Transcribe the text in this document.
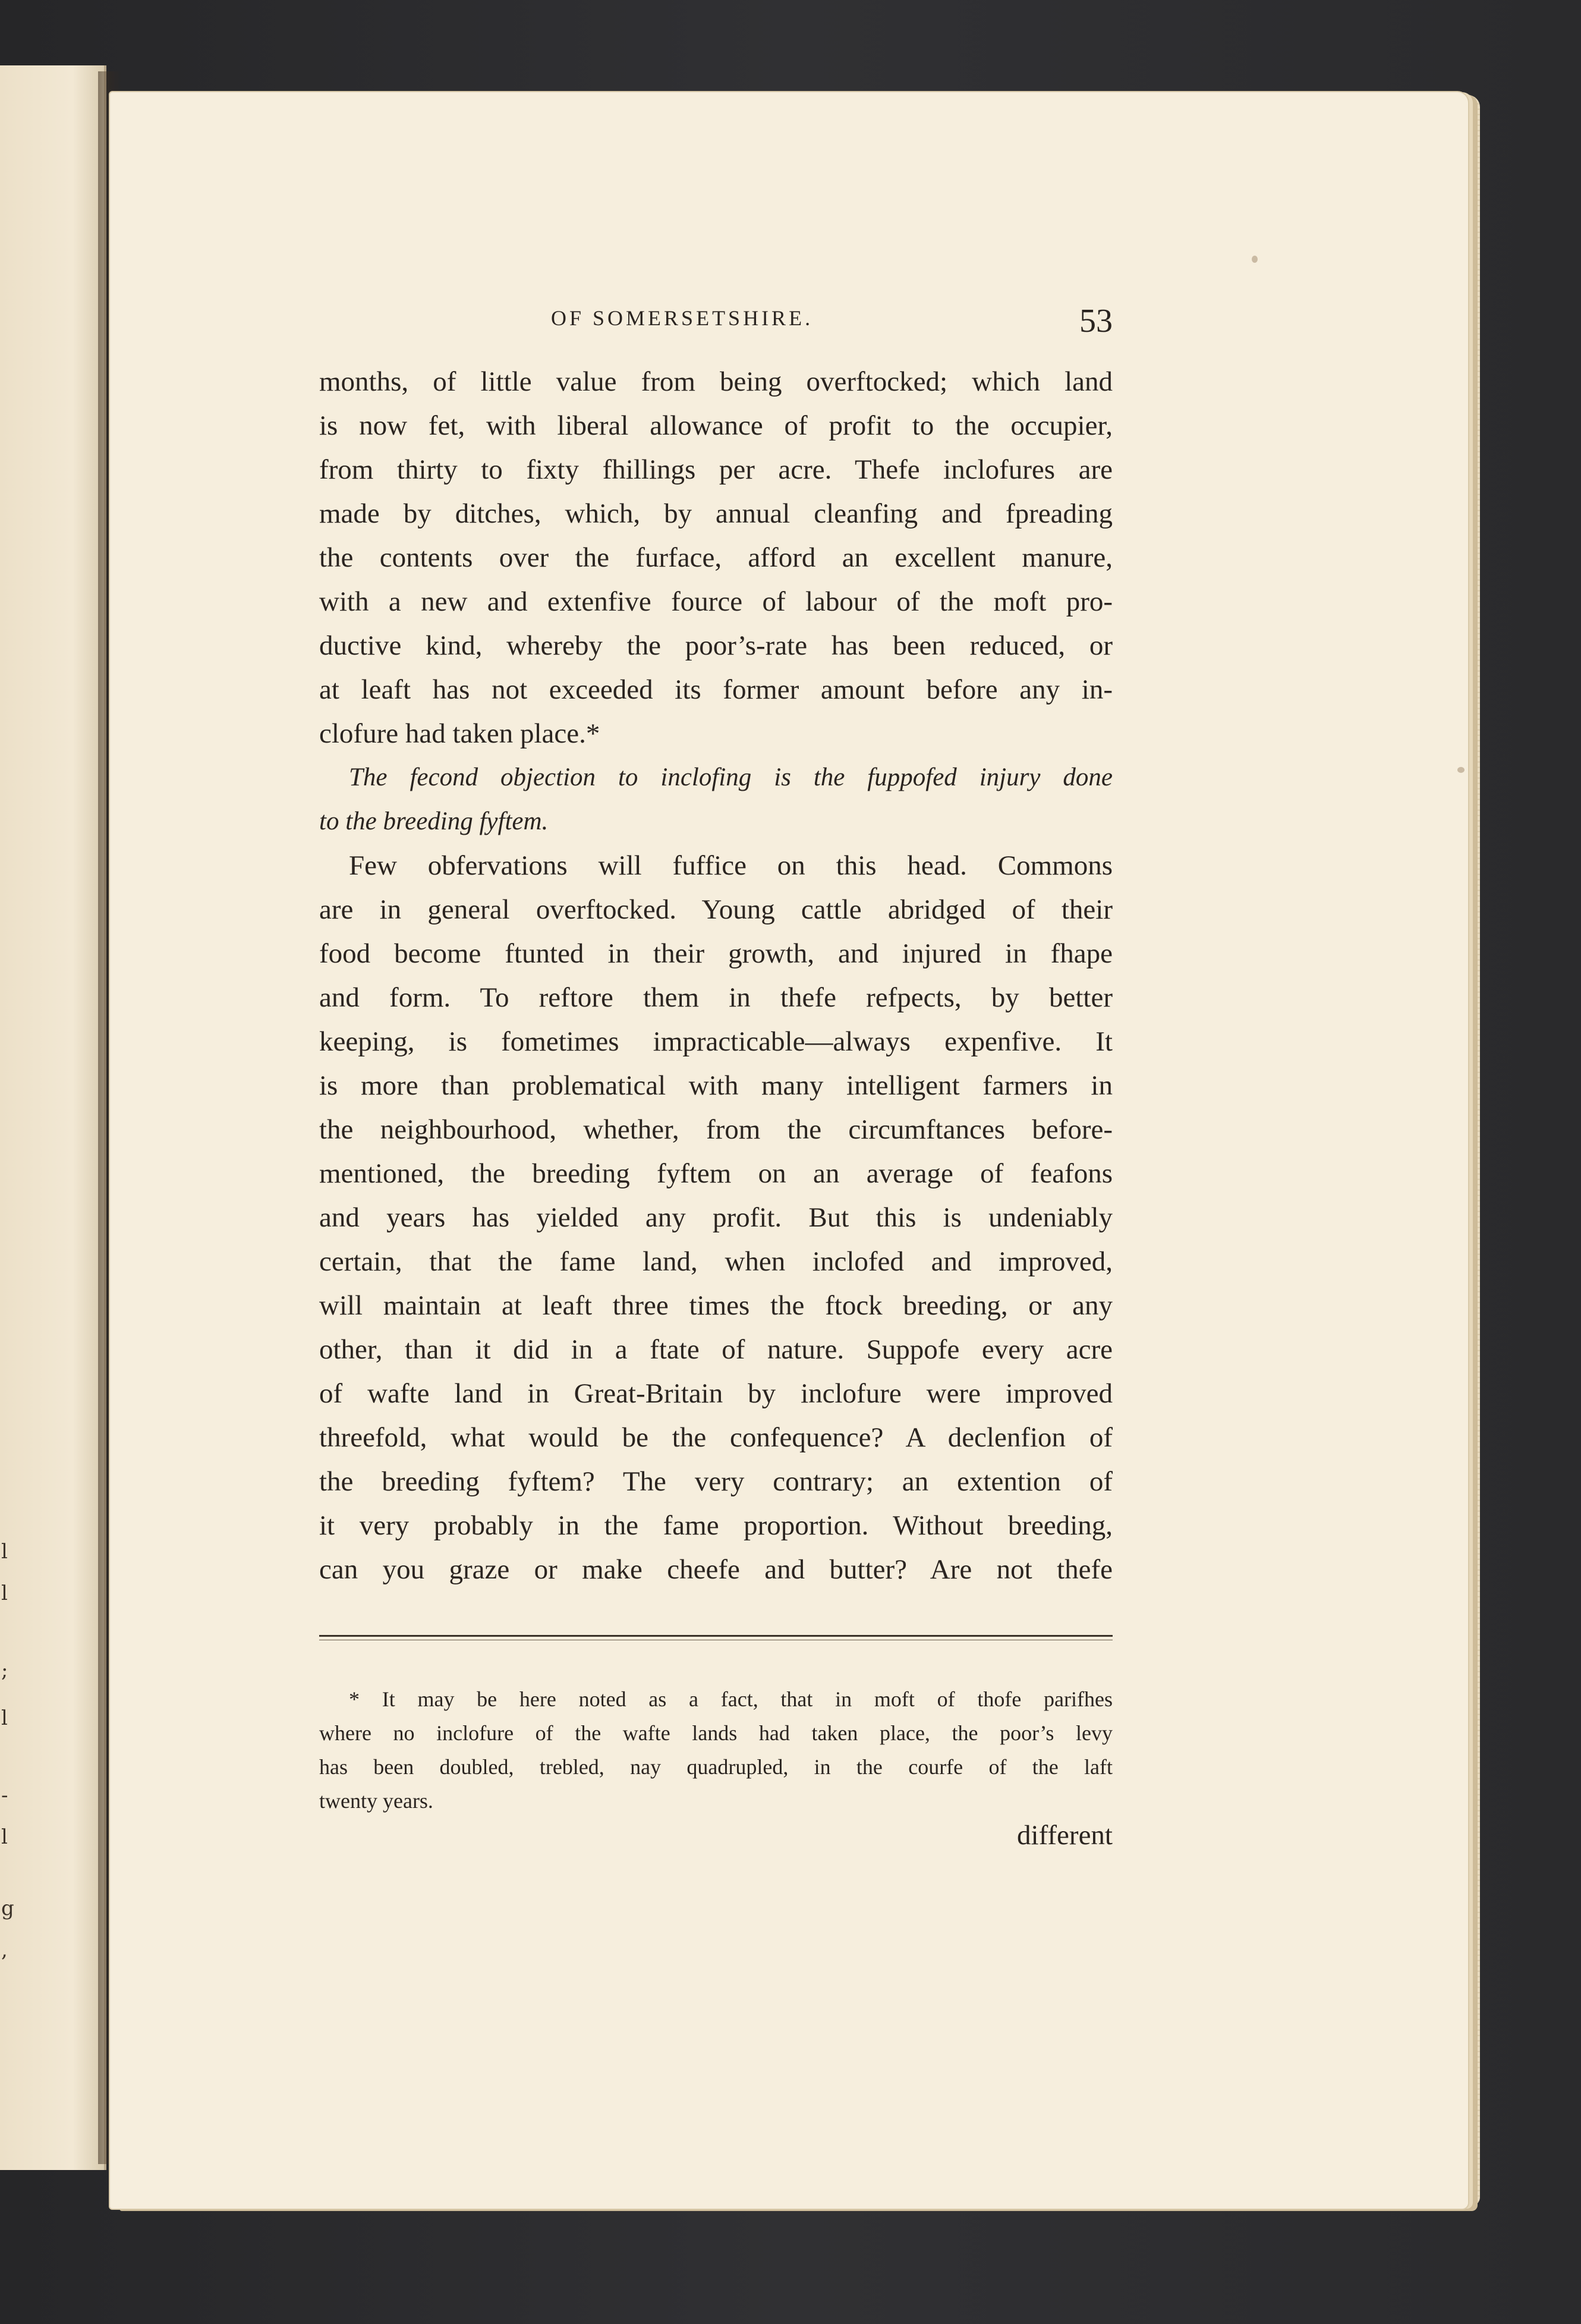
l
l
;
l
-
l
g
,
OF SOMERSETSHIRE.	53
months, of little value from being overftocked; which land
is now fet, with liberal allowance of profit to the occupier,
from thirty to fixty fhillings per acre. Thefe inclofures are
made by ditches, which, by annual cleanfing and fpreading
the contents over the furface, afford an excellent manure,
with a new and extenfive fource of labour of the moft pro-
ductive kind, whereby the poor’s-rate has been reduced, or
at leaft has not exceeded its former amount before any in-
clofure had taken place.*
The fecond objection to inclofing is the fuppofed injury done
to the breeding fyftem.
Few obfervations will fuffice on this head. Commons
are in general overftocked. Young cattle abridged of their
food become ftunted in their growth, and injured in fhape
and form. To reftore them in thefe refpects, by better
keeping, is fometimes impracticable—always expenfive. It
is more than problematical with many intelligent farmers in
the neighbourhood, whether, from the circumftances before-
mentioned, the breeding fyftem on an average of feafons
and years has yielded any profit. But this is undeniably
certain, that the fame land, when inclofed and improved,
will maintain at leaft three times the ftock breeding, or any
other, than it did in a ftate of nature. Suppofe every acre
of wafte land in Great-Britain by inclofure were improved
threefold, what would be the confequence? A declenfion of
the breeding fyftem? The very contrary; an extention of
it very probably in the fame proportion. Without breeding,
can you graze or make cheefe and butter? Are not thefe
* It may be here noted as a fact, that in moft of thofe parifhes
where no inclofure of the wafte lands had taken place, the poor’s levy
has been doubled, trebled, nay quadrupled, in the courfe of the laft
twenty years.
different
